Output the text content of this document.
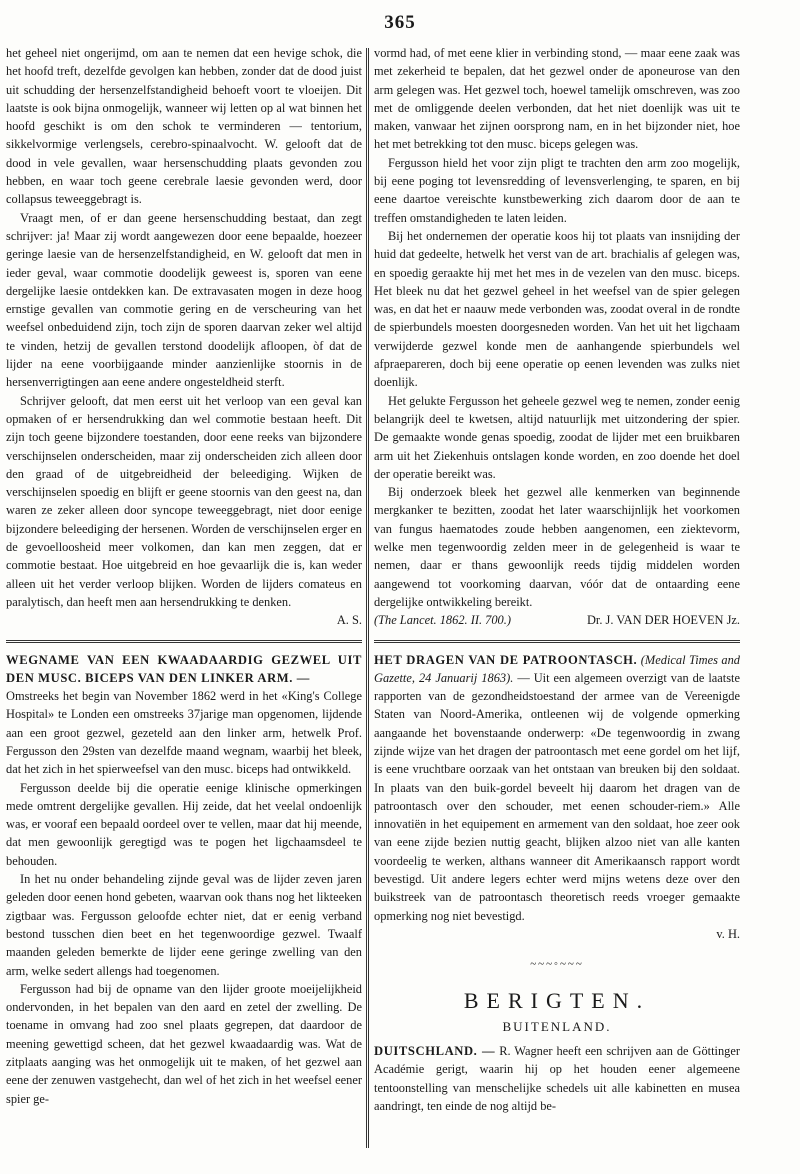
365

het geheel niet ongerijmd, om aan te nemen dat een hevige schok, die het hoofd treft, dezelfde gevolgen kan hebben, zonder dat de dood juist uit schudding der hersenzelfstandigheid behoeft voort te vloeijen. Dit laatste is ook bijna onmogelijk, wanneer wij letten op al wat binnen het hoofd geschikt is om den schok te verminderen — tentorium, sikkelvormige verlengsels, cerebro-spinaalvocht. W. gelooft dat de dood in vele gevallen, waar hersenschudding plaats gevonden zou hebben, en waar toch geene cerebrale laesie gevonden werd, door collapsus teweeggebragt is.

Vraagt men, of er dan geene hersenschudding bestaat, dan zegt schrijver: ja! Maar zij wordt aangewezen door eene bepaalde, hoezeer geringe laesie van de hersenzelfstandigheid, en W. gelooft dat men in ieder geval, waar commotie doodelijk geweest is, sporen van eene dergelijke laesie ontdekken kan. De extravasaten mogen in deze hoog ernstige gevallen van commotie gering en de verscheuring van het weefsel onbeduidend zijn, toch zijn de sporen daarvan zeker wel altijd te vinden, hetzij de gevallen terstond doodelijk afloopen, òf dat de lijder na eene voorbijgaande minder aanzienlijke stoornis in de hersenverrigtingen aan eene andere ongesteldheid sterft.

Schrijver gelooft, dat men eerst uit het verloop van een geval kan opmaken of er hersendrukking dan wel commotie bestaan heeft. Dit zijn toch geene bijzondere toestanden, door eene reeks van bijzondere verschijnselen onderscheiden, maar zij onderscheiden zich alleen door den graad of de uitgebreidheid der beleediging. Wijken de verschijnselen spoedig en blijft er geene stoornis van den geest na, dan waren ze zeker alleen door syncope teweeggebragt, niet door eenige bijzondere beleediging der hersenen. Worden de verschijnselen erger en de gevoelloosheid meer volkomen, dan kan men zeggen, dat er commotie bestaat. Hoe uitgebreid en hoe gevaarlijk die is, kan weder alleen uit het verder verloop blijken. Worden de lijders comateus en paralytisch, dan heeft men aan hersendrukking te denken.

A. S.

WEGNAME VAN EEN KWAADAARDIG GEZWEL UIT DEN MUSC. BICEPS VAN DEN LINKER ARM. —

Omstreeks het begin van November 1862 werd in het «King's College Hospital» te Londen een omstreeks 37jarige man opgenomen, lijdende aan een groot gezwel, gezeteld aan den linker arm, hetwelk Prof. Fergusson den 29sten van dezelfde maand wegnam, waarbij het bleek, dat het zich in het spierweefsel van den musc. biceps had ontwikkeld.

Fergusson deelde bij die operatie eenige klinische opmerkingen mede omtrent dergelijke gevallen. Hij zeide, dat het veelal ondoenlijk was, er vooraf een bepaald oordeel over te vellen, maar dat hij meende, dat men gewoonlijk geregtigd was te pogen het ligchaamsdeel te behouden.

In het nu onder behandeling zijnde geval was de lijder zeven jaren geleden door eenen hond gebeten, waarvan ook thans nog het likteeken zigtbaar was. Fergusson geloofde echter niet, dat er eenig verband bestond tusschen dien beet en het tegenwoordige gezwel. Twaalf maanden geleden bemerkte de lijder eene geringe zwelling van den arm, welke sedert allengs had toegenomen.

Fergusson had bij de opname van den lijder groote moeijelijkheid ondervonden, in het bepalen van den aard en zetel der zwelling. De toename in omvang had zoo snel plaats gegrepen, dat daardoor de meening gewettigd scheen, dat het gezwel kwaadaardig was. Wat de zitplaats aanging was het onmogelijk uit te maken, of het gezwel aan eene der zenuwen vastgehecht, dan wel of het zich in het weefsel eener spier ge-

vormd had, of met eene klier in verbinding stond, — maar eene zaak was met zekerheid te bepalen, dat het gezwel onder de aponeurose van den arm gelegen was. Het gezwel toch, hoewel tamelijk omschreven, was zoo met de omliggende deelen verbonden, dat het niet doenlijk was uit te maken, vanwaar het zijnen oorsprong nam, en in het bijzonder niet, hoe het met betrekking tot den musc. biceps gelegen was.

Fergusson hield het voor zijn pligt te trachten den arm zoo mogelijk, bij eene poging tot levensredding of levensverlenging, te sparen, en bij eene daartoe vereischte kunstbewerking zich daarom door de aan te treffen omstandigheden te laten leiden.

Bij het ondernemen der operatie koos hij tot plaats van insnijding der huid dat gedeelte, hetwelk het verst van de art. brachialis af gelegen was, en spoedig geraakte hij met het mes in de vezelen van den musc. biceps. Het bleek nu dat het gezwel geheel in het weefsel van de spier gelegen was, en dat het er naauw mede verbonden was, zoodat overal in de rondte de spierbundels moesten doorgesneden worden. Van het uit het ligchaam verwijderde gezwel konde men de aanhangende spierbundels wel afpraepareren, doch bij eene operatie op eenen levenden was zulks niet doenlijk.

Het gelukte Fergusson het geheele gezwel weg te nemen, zonder eenig belangrijk deel te kwetsen, altijd natuurlijk met uitzondering der spier. De gemaakte wonde genas spoedig, zoodat de lijder met een bruikbaren arm uit het Ziekenhuis ontslagen konde worden, en zoo doende het doel der operatie bereikt was.

Bij onderzoek bleek het gezwel alle kenmerken van beginnende mergkanker te bezitten, zoodat het later waarschijnlijk het voorkomen van fungus haematodes zoude hebben aangenomen, een ziektevorm, welke men tegenwoordig zelden meer in de gelegenheid is waar te nemen, daar er thans gewoonlijk reeds tijdig middelen worden aangewend tot voorkoming daarvan, vóór dat de ontaarding eene dergelijke ontwikkeling bereikt.

(The Lancet. 1862. II. 700.)	Dr. J. VAN DER HOEVEN Jz.

HET DRAGEN VAN DE PATROONTASCH. (Medical Times and Gazette, 24 Januarij 1863). — Uit een algemeen overzigt van de laatste rapporten van de gezondheidstoestand der armee van de Vereenigde Staten van Noord-Amerika, ontleenen wij de volgende opmerking aangaande het bovenstaande onderwerp: «De tegenwoordig in zwang zijnde wijze van het dragen der patroontasch met eene gordel om het lijf, is eene vruchtbare oorzaak van het ontstaan van breuken bij den soldaat. In plaats van den buik-gordel beveelt hij daarom het dragen van de patroontasch over den schouder, met eenen schouder-riem.» Alle innovatiën in het equipement en armement van den soldaat, hoe zeer ook van eene zijde bezien nuttig geacht, blijken alzoo niet van alle kanten voordeelig te werken, althans wanneer dit Amerikaansch rapport wordt bevestigd. Uit andere legers echter werd mijns wetens deze over den buikstreek van de patroontasch theoretisch reeds vroeger gemaakte opmerking nog niet bevestigd.

v. H.
~~~◦~~~
BERIGTEN.
BUITENLAND.

DUITSCHLAND. — R. Wagner heeft een schrijven aan de Göttinger Académie gerigt, waarin hij op het houden eener algemeene tentoonstelling van menschelijke schedels uit alle kabinetten en musea aandringt, ten einde de nog altijd be-
